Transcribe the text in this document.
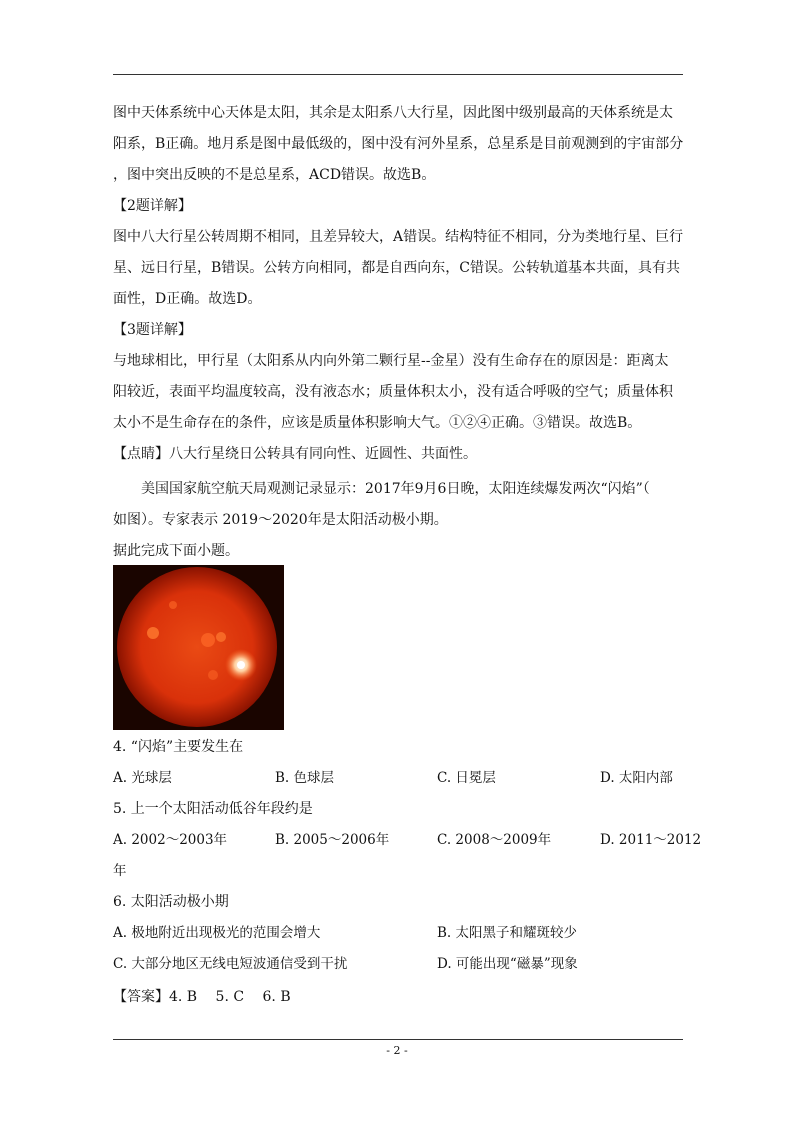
图中天体系统中心天体是太阳，其余是太阳系八大行星，因此图中级别最高的天体系统是太
阳系，B正确。地月系是图中最低级的，图中没有河外星系，总星系是目前观测到的宇宙部分
，图中突出反映的不是总星系，ACD错误。故选B。
【2题详解】
图中八大行星公转周期不相同，且差异较大，A错误。结构特征不相同，分为类地行星、巨行
星、远日行星，B错误。公转方向相同，都是自西向东，C错误。公转轨道基本共面，具有共
面性，D正确。故选D。
【3题详解】
与地球相比，甲行星（太阳系从内向外第二颗行星--金星）没有生命存在的原因是：距离太
阳较近，表面平均温度较高，没有液态水；质量体积太小，没有适合呼吸的空气；质量体积
太小不是生命存在的条件，应该是质量体积影响大气。①②④正确。③错误。故选B。
【点睛】八大行星绕日公转具有同向性、近圆性、共面性。
　　美国国家航空航天局观测记录显示：2017年9月6日晚，太阳连续爆发两次“闪焰”（
如图）。专家表示 2019～2020年是太阳活动极小期。
据此完成下面小题。
4. “闪焰”主要发生在
A. 光球层	B. 色球层	C. 日冕层	D. 太阳内部
5. 上一个太阳活动低谷年段约是
A. 2002～2003年	B. 2005～2006年	C. 2008～2009年	D. 2011～2012
年
6. 太阳活动极小期
A. 极地附近出现极光的范围会增大	B. 太阳黑子和耀斑较少
C. 大部分地区无线电短波通信受到干扰	D. 可能出现“磁暴”现象
【答案】4. B　 5. C　 6. B
- 2 -
